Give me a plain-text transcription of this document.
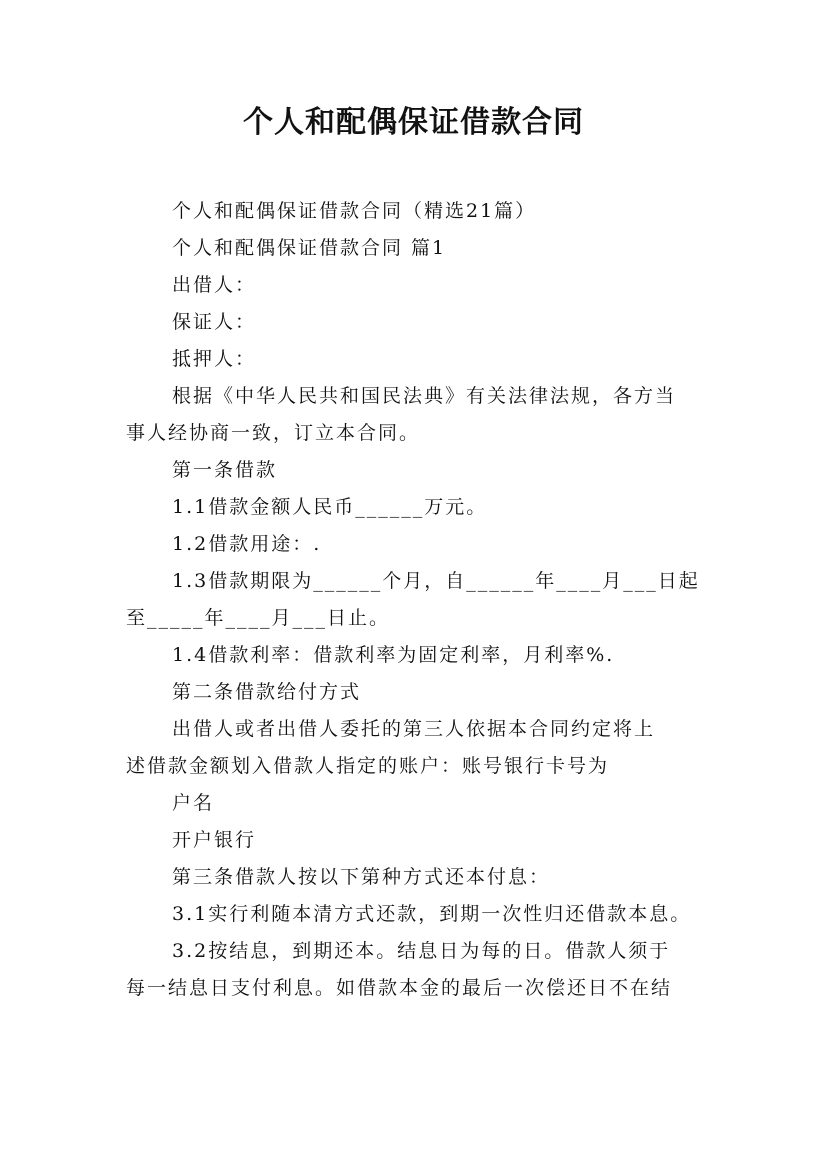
个人和配偶保证借款合同
个人和配偶保证借款合同（精选21篇）
个人和配偶保证借款合同 篇1
出借人：
保证人：
抵押人：
根据《中华人民共和国民法典》有关法律法规，各方当
事人经协商一致，订立本合同。
第一条借款
1.1借款金额人民币______万元。
1.2借款用途：.
1.3借款期限为______个月，自______年____月___日起
至_____年____月___日止。
1.4借款利率：借款利率为固定利率，月利率%.
第二条借款给付方式
出借人或者出借人委托的第三人依据本合同约定将上
述借款金额划入借款人指定的账户：账号银行卡号为
户名
开户银行
第三条借款人按以下第种方式还本付息：
3.1实行利随本清方式还款，到期一次性归还借款本息。
3.2按结息，到期还本。结息日为每的日。借款人须于
每一结息日支付利息。如借款本金的最后一次偿还日不在结
